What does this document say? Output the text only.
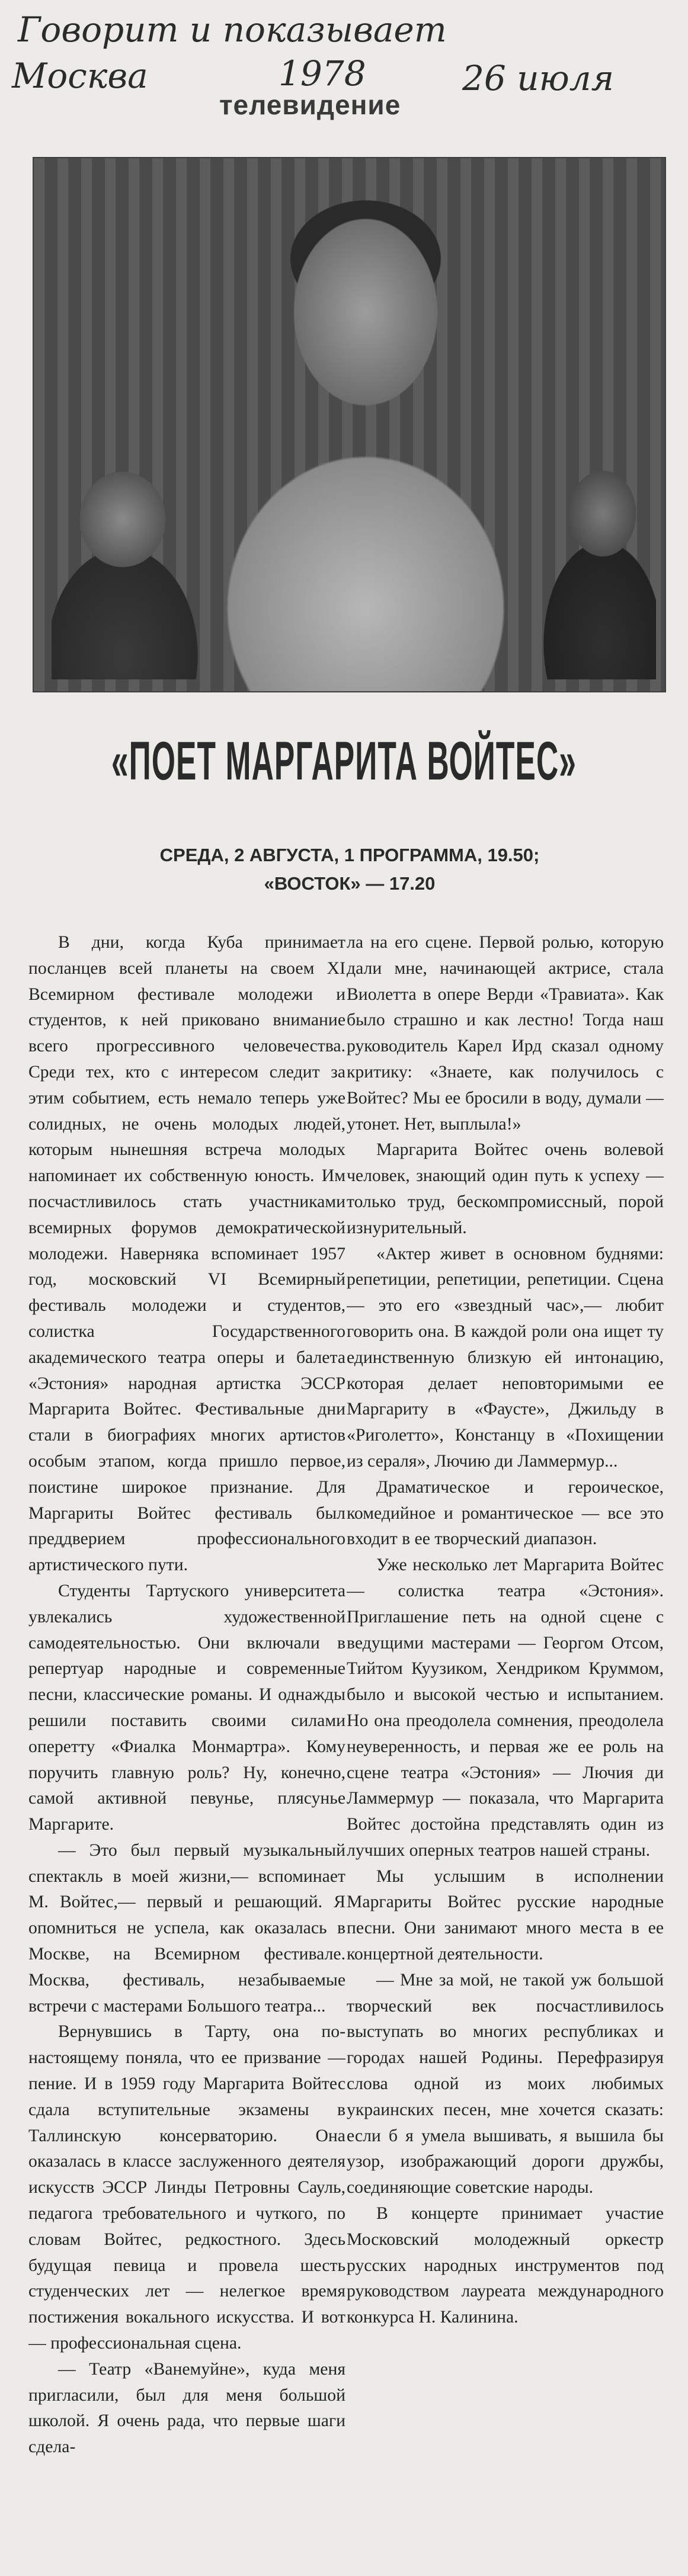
Говорит и показывает
Москва	1978	26 июля
телевидение
«ПОЕТ МАРГАРИТА ВОЙТЕС»
СРЕДА, 2 АВГУСТА, 1 ПРОГРАММА, 19.50;
«ВОСТОК» — 17.20

В дни, когда Куба принимает посланцев всей планеты на своем XI Всемирном фестивале молодежи и студентов, к ней приковано внимание всего прогрессивного человечества. Среди тех, кто с интересом следит за этим событием, есть немало теперь уже солидных, не очень молодых людей, которым нынешняя встреча молодых напоминает их собственную юность. Им посчастливилось стать участниками всемирных форумов демократической молодежи. Наверняка вспоминает 1957 год, московский VI Всемирный фестиваль молодежи и студентов, солистка Государственного академического театра оперы и балета «Эстония» народная артистка ЭССР Маргарита Войтес. Фестивальные дни стали в биографиях многих артистов особым этапом, когда пришло первое, поистине широкое признание. Для Маргариты Войтес фестиваль был преддверием профессионального артистического пути.

Студенты Тартуского университета увлекались художественной самодеятельностью. Они включали в репертуар народные и современные песни, классические романы. И однажды решили поставить своими силами оперетту «Фиалка Монмартра». Кому поручить главную роль? Ну, конечно, самой активной певунье, плясунье Маргарите.

— Это был первый музыкальный спектакль в моей жизни,— вспоминает М. Войтес,— первый и решающий. Я опомниться не успела, как оказалась в Москве, на Всемирном фестивале. Москва, фестиваль, незабываемые встречи с мастерами Большого театра...

Вернувшись в Тарту, она по-настоящему поняла, что ее призвание — пение. И в 1959 году Маргарита Войтес сдала вступительные экзамены в Таллинскую консерваторию. Она оказалась в классе заслуженного деятеля искусств ЭССР Линды Петровны Сауль, педагога требовательного и чуткого, по словам Войтес, редкостного. Здесь будущая певица и провела шесть студенческих лет — нелегкое время постижения вокального искусства. И вот — профессиональная сцена.

— Театр «Ванемуйне», куда меня пригласили, был для меня большой школой. Я очень рада, что первые шаги сдела-

ла на его сцене. Первой ролью, которую дали мне, начинающей актрисе, стала Виолетта в опере Верди «Травиата». Как было страшно и как лестно! Тогда наш руководитель Карел Ирд сказал одному критику: «Знаете, как получилось с Войтес? Мы ее бросили в воду, думали — утонет. Нет, выплыла!»

Маргарита Войтес очень волевой человек, знающий один путь к успеху — только труд, бескомпромиссный, порой изнурительный.

«Актер живет в основном буднями: репетиции, репетиции, репетиции. Сцена — это его «звездный час»,— любит говорить она. В каждой роли она ищет ту единственную близкую ей интонацию, которая делает неповторимыми ее Маргариту в «Фаусте», Джильду в «Риголетто», Констанцу в «Похищении из сераля», Лючию ди Ламмермур...

Драматическое и героическое, комедийное и романтическое — все это входит в ее творческий диапазон.

Уже несколько лет Маргарита Войтес — солистка театра «Эстония». Приглашение петь на одной сцене с ведущими мастерами — Георгом Отсом, Тийтом Куузиком, Хендриком Круммом, было и высокой честью и испытанием. Но она преодолела сомнения, преодолела неуверенность, и первая же ее роль на сцене театра «Эстония» — Лючия ди Ламмермур — показала, что Маргарита Войтес достойна представлять один из лучших оперных театров нашей страны.

Мы услышим в исполнении Маргариты Войтес русские народные песни. Они занимают много места в ее концертной деятельности.

— Мне за мой, не такой уж большой творческий век посчастливилось выступать во многих республиках и городах нашей Родины. Перефразируя слова одной из моих любимых украинских песен, мне хочется сказать: если б я умела вышивать, я вышила бы узор, изображающий дороги дружбы, соединяющие советские народы.

В концерте принимает участие Московский молодежный оркестр русских народных инструментов под руководством лауреата международного конкурса Н. Калинина.
